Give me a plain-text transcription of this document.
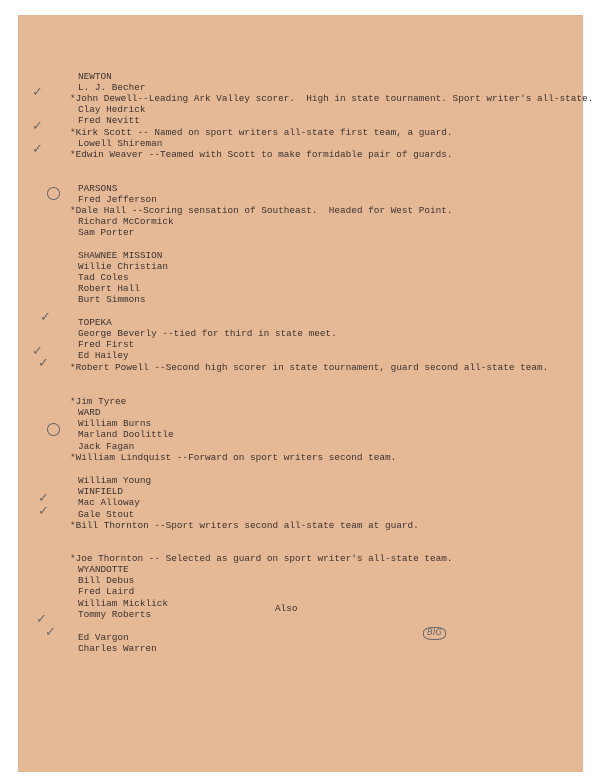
NEWTON
L. J. Becher
*John Dewell--Leading Ark Valley scorer.  High in state tournament. Sport writer's all-state.
Clay Hedrick
Fred Nevitt
*Kirk Scott -- Named on sport writers all-state first team, a guard.
Lowell Shireman
*Edwin Weaver --Teamed with Scott to make formidable pair of guards.
PARSONS
Fred Jefferson
*Dale Hall --Scoring sensation of Southeast.  Headed for West Point.
Richard McCormick
Sam Porter
SHAWNEE MISSION
Willie Christian
Tad Coles
Robert Hall
Burt Simmons
TOPEKA
George Beverly --tied for third in state meet.
Fred First
Ed Hailey
*Robert Powell --Second high scorer in state tournament, guard second all-state team.
*Jim Tyree
WARD
William Burns
Marland Doolittle
Jack Fagan
*William Lindquist --Forward on sport writers second team.
William Young
WINFIELD
Mac Alloway
Gale Stout
*Bill Thornton --Sport writers second all-state team at guard.
*Joe Thornton -- Selected as guard on sport writer's all-state team.
WYANDOTTE
Bill Debus
Fred Laird
William Micklick
Tommy Roberts
Ed Vargon
Charles Warren
Also
✓
✓
✓
✓
✓
✓
✓
✓
✓
✓	BIG
